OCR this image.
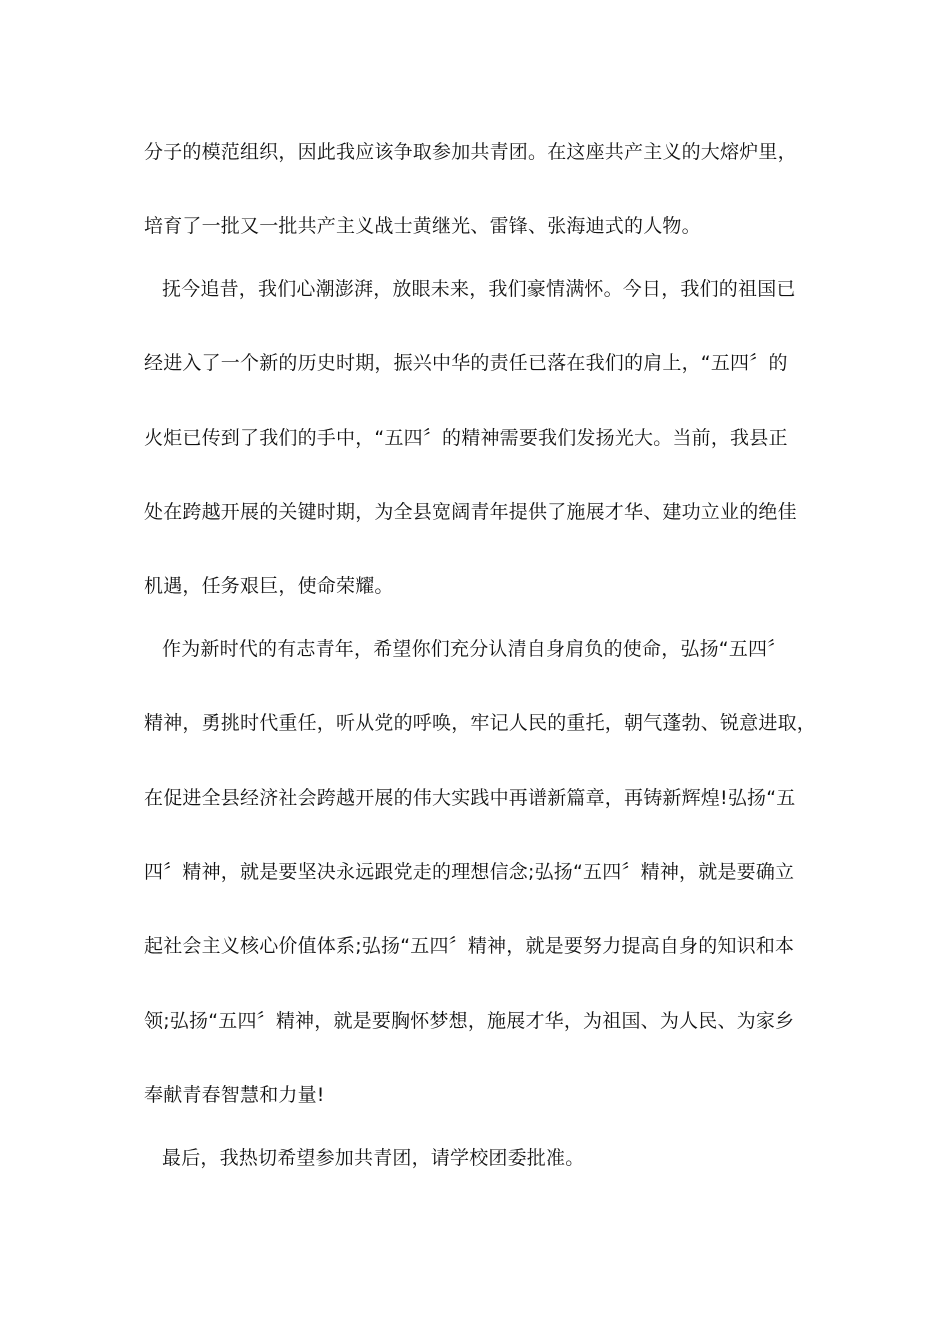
分子的模范组织，因此我应该争取参加共青团。在这座共产主义的大熔炉里，
培育了一批又一批共产主义战士黄继光、雷锋、张海迪式的人物。
抚今追昔，我们心潮澎湃，放眼未来，我们豪情满怀。今日，我们的祖国已
经进入了一个新的历史时期，振兴中华的责任已落在我们的肩上，“五四〞的
火炬已传到了我们的手中，“五四〞的精神需要我们发扬光大。当前，我县正
处在跨越开展的关键时期，为全县宽阔青年提供了施展才华、建功立业的绝佳
机遇，任务艰巨，使命荣耀。
作为新时代的有志青年，希望你们充分认清自身肩负的使命，弘扬“五四〞
精神，勇挑时代重任，听从党的呼唤，牢记人民的重托，朝气蓬勃、锐意进取，
在促进全县经济社会跨越开展的伟大实践中再谱新篇章，再铸新辉煌!弘扬“五
四〞精神，就是要坚决永远跟党走的理想信念;弘扬“五四〞精神，就是要确立
起社会主义核心价值体系;弘扬“五四〞精神，就是要努力提高自身的知识和本
领;弘扬“五四〞精神，就是要胸怀梦想，施展才华，为祖国、为人民、为家乡
奉献青春智慧和力量!
最后，我热切希望参加共青团，请学校团委批准。
